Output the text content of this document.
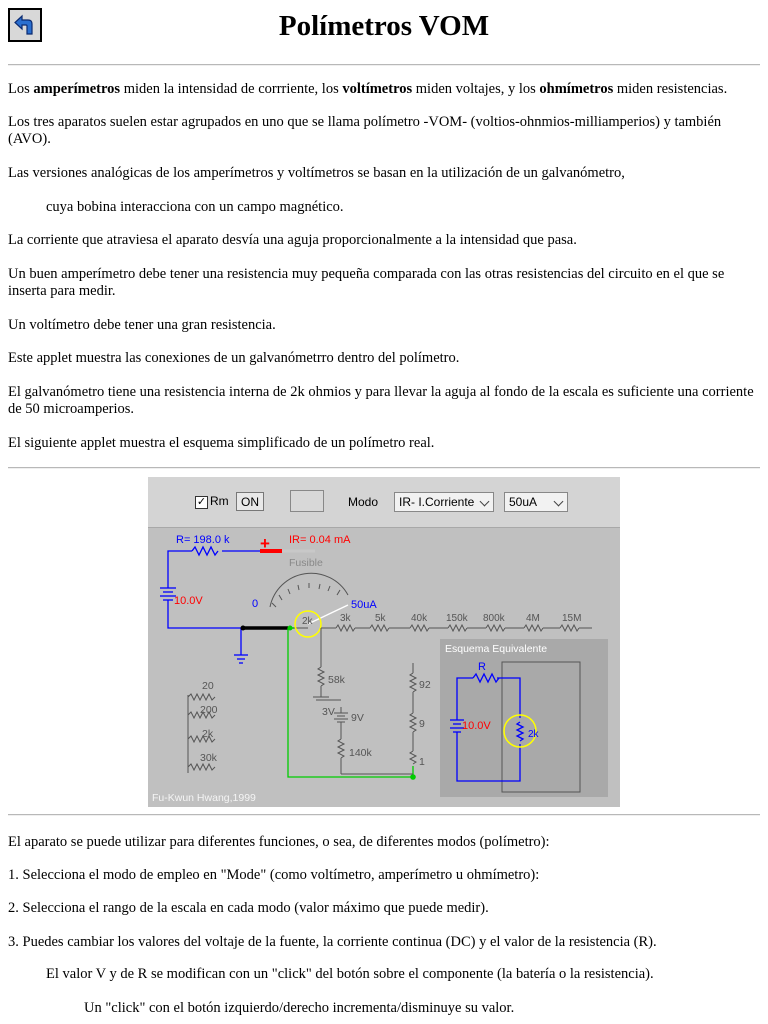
Polímetros VOM

Los amperímetros miden la intensidad de corrriente, los voltímetros miden voltajes, y los ohmímetros miden resistencias.

Los tres aparatos suelen estar agrupados en uno que se llama polímetro -VOM- (voltios-ohnmios-milliamperios) y también (AVO).

Las versiones analógicas de los amperímetros y voltímetros se basan en la utilización de un galvanómetro,

cuya bobina interacciona con un campo magnético.

La corriente que atraviesa el aparato desvía una aguja proporcionalmente a la intensidad que pasa.

Un buen amperímetro debe tener una resistencia muy pequeña comparada con las otras resistencias del circuito en el que se inserta para medir.

Un voltímetro debe tener una gran resistencia.

Este applet muestra las conexiones de un galvanómetrro dentro del polímetro.

El galvanómetro tiene una resistencia interna de 2k ohmios y para llevar la aguja al fondo de la escala es suficiente una corriente de 50 microamperios.

El siguiente applet muestra el esquema simplificado de un polímetro real.

✓ Rm	ON	Modo	IR- I.Corriente	50uA
R= 198.0 k + IR= 0.04 mA
Fusible
10.0V	0	50uA
2k	3k 5k	40k 150k 800k 4M 15M
58k
3V 9V
140k
92
9
1
20
200
2k
30k
Esquema Equivalente
R
10.0V
2k
Fu-Kwun Hwang,1999

El aparato se puede utilizar para diferentes funciones, o sea, de diferentes modos (polímetro):

1. Selecciona el modo de empleo en "Mode" (como voltímetro, amperímetro u ohmímetro):

2. Selecciona el rango de la escala en cada modo (valor máximo que puede medir).

3. Puedes cambiar los valores del voltaje de la fuente, la corriente continua (DC) y el valor de la resistencia (R).

El valor V y de R se modifican con un "click" del botón sobre el componente (la batería o la resistencia).

Un "click" con el botón izquierdo/derecho incrementa/disminuye su valor.
